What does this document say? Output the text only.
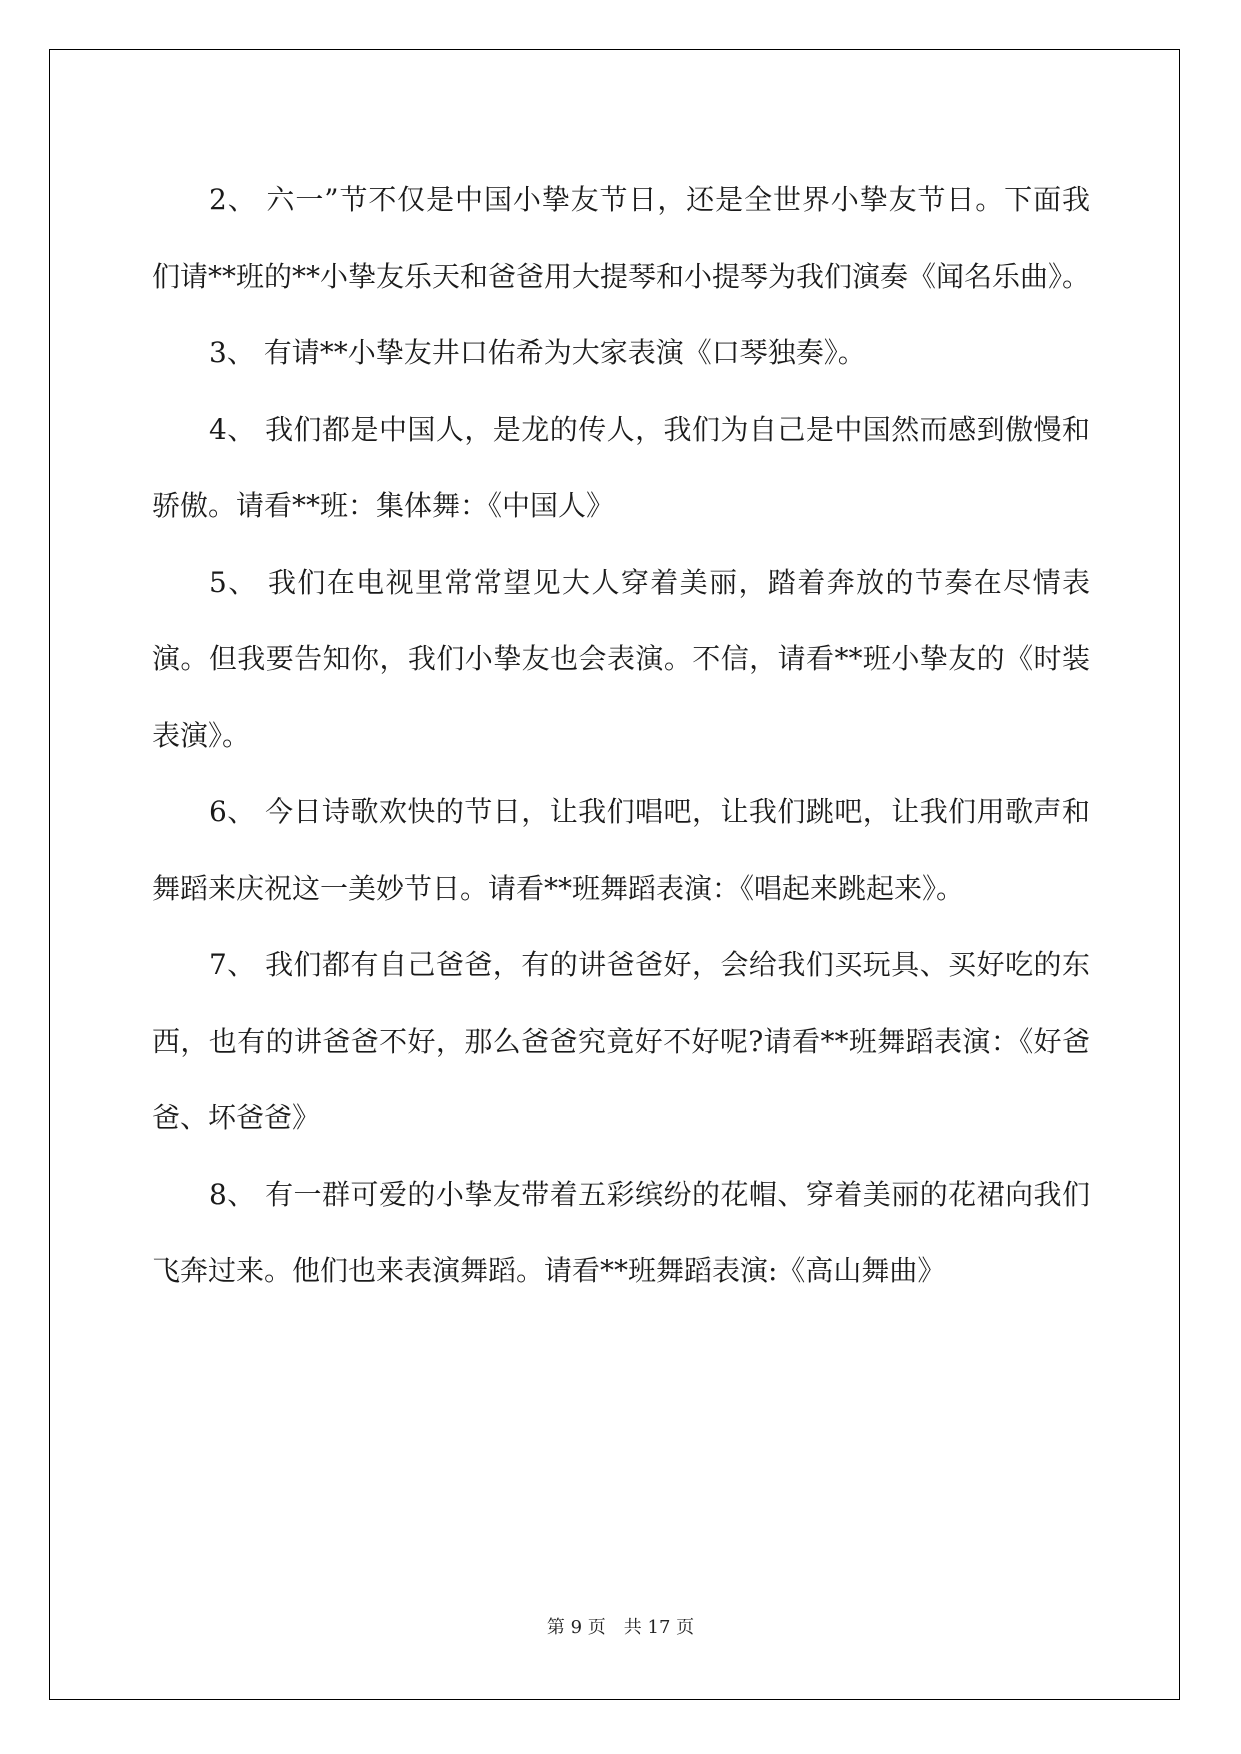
2、 六一”节不仅是中国小挚友节日，还是全世界小挚友节日。下面我们请**班的**小挚友乐天和爸爸用大提琴和小提琴为我们演奏《闻名乐曲》。

3、 有请**小挚友井口佑希为大家表演《口琴独奏》。

4、 我们都是中国人，是龙的传人，我们为自己是中国然而感到傲慢和骄傲。请看**班：集体舞：《中国人》

5、 我们在电视里常常望见大人穿着美丽，踏着奔放的节奏在尽情表演。但我要告知你，我们小挚友也会表演。不信，请看**班小挚友的《时装表演》。

6、 今日诗歌欢快的节日，让我们唱吧，让我们跳吧，让我们用歌声和舞蹈来庆祝这一美妙节日。请看**班舞蹈表演：《唱起来跳起来》。

7、 我们都有自己爸爸，有的讲爸爸好，会给我们买玩具、买好吃的东西，也有的讲爸爸不好，那么爸爸究竟好不好呢?请看**班舞蹈表演：《好爸爸、坏爸爸》

8、 有一群可爱的小挚友带着五彩缤纷的花帽、穿着美丽的花裙向我们飞奔过来。他们也来表演舞蹈。请看**班舞蹈表演:《高山舞曲》

第 9 页　共 17 页
